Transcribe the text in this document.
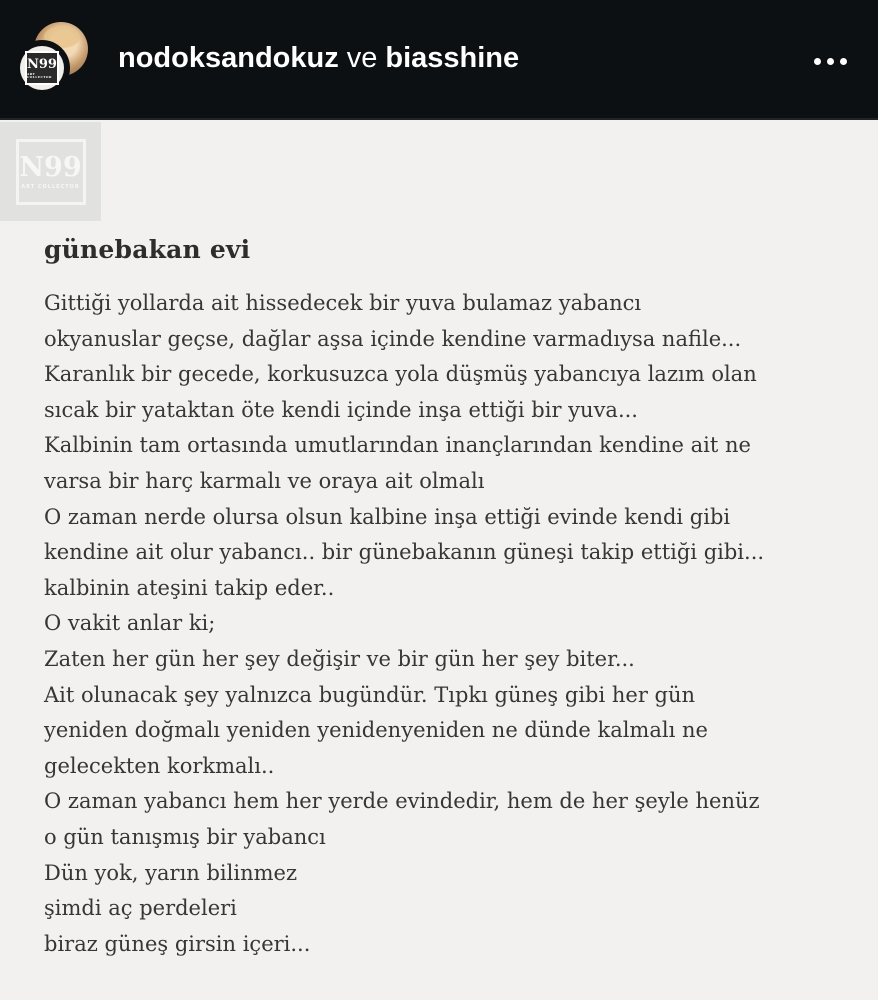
N99
ART COLLECTOR
nodoksandokuz ve biasshine
N99
ART COLLECTOR
günebakan evi
Gittiği yollarda ait hissedecek bir yuva bulamaz yabancı
okyanuslar geçse, dağlar aşsa içinde kendine varmadıysa nafile...
Karanlık bir gecede, korkusuzca yola düşmüş yabancıya lazım olan
sıcak bir yataktan öte kendi içinde inşa ettiği bir yuva...
Kalbinin tam ortasında umutlarından inançlarından kendine ait ne
varsa bir harç karmalı ve oraya ait olmalı
O zaman nerde olursa olsun kalbine inşa ettiği evinde kendi gibi
kendine ait olur yabancı.. bir günebakanın güneşi takip ettiği gibi...
kalbinin ateşini takip eder..
O vakit anlar ki;
Zaten her gün her şey değişir ve bir gün her şey biter...
Ait olunacak şey yalnızca bugündür. Tıpkı güneş gibi her gün
yeniden doğmalı yeniden yenidenyeniden ne dünde kalmalı ne
gelecekten korkmalı..
O zaman yabancı hem her yerde evindedir, hem de her şeyle henüz
o gün tanışmış bir yabancı
Dün yok, yarın bilinmez
şimdi aç perdeleri
biraz güneş girsin içeri...
